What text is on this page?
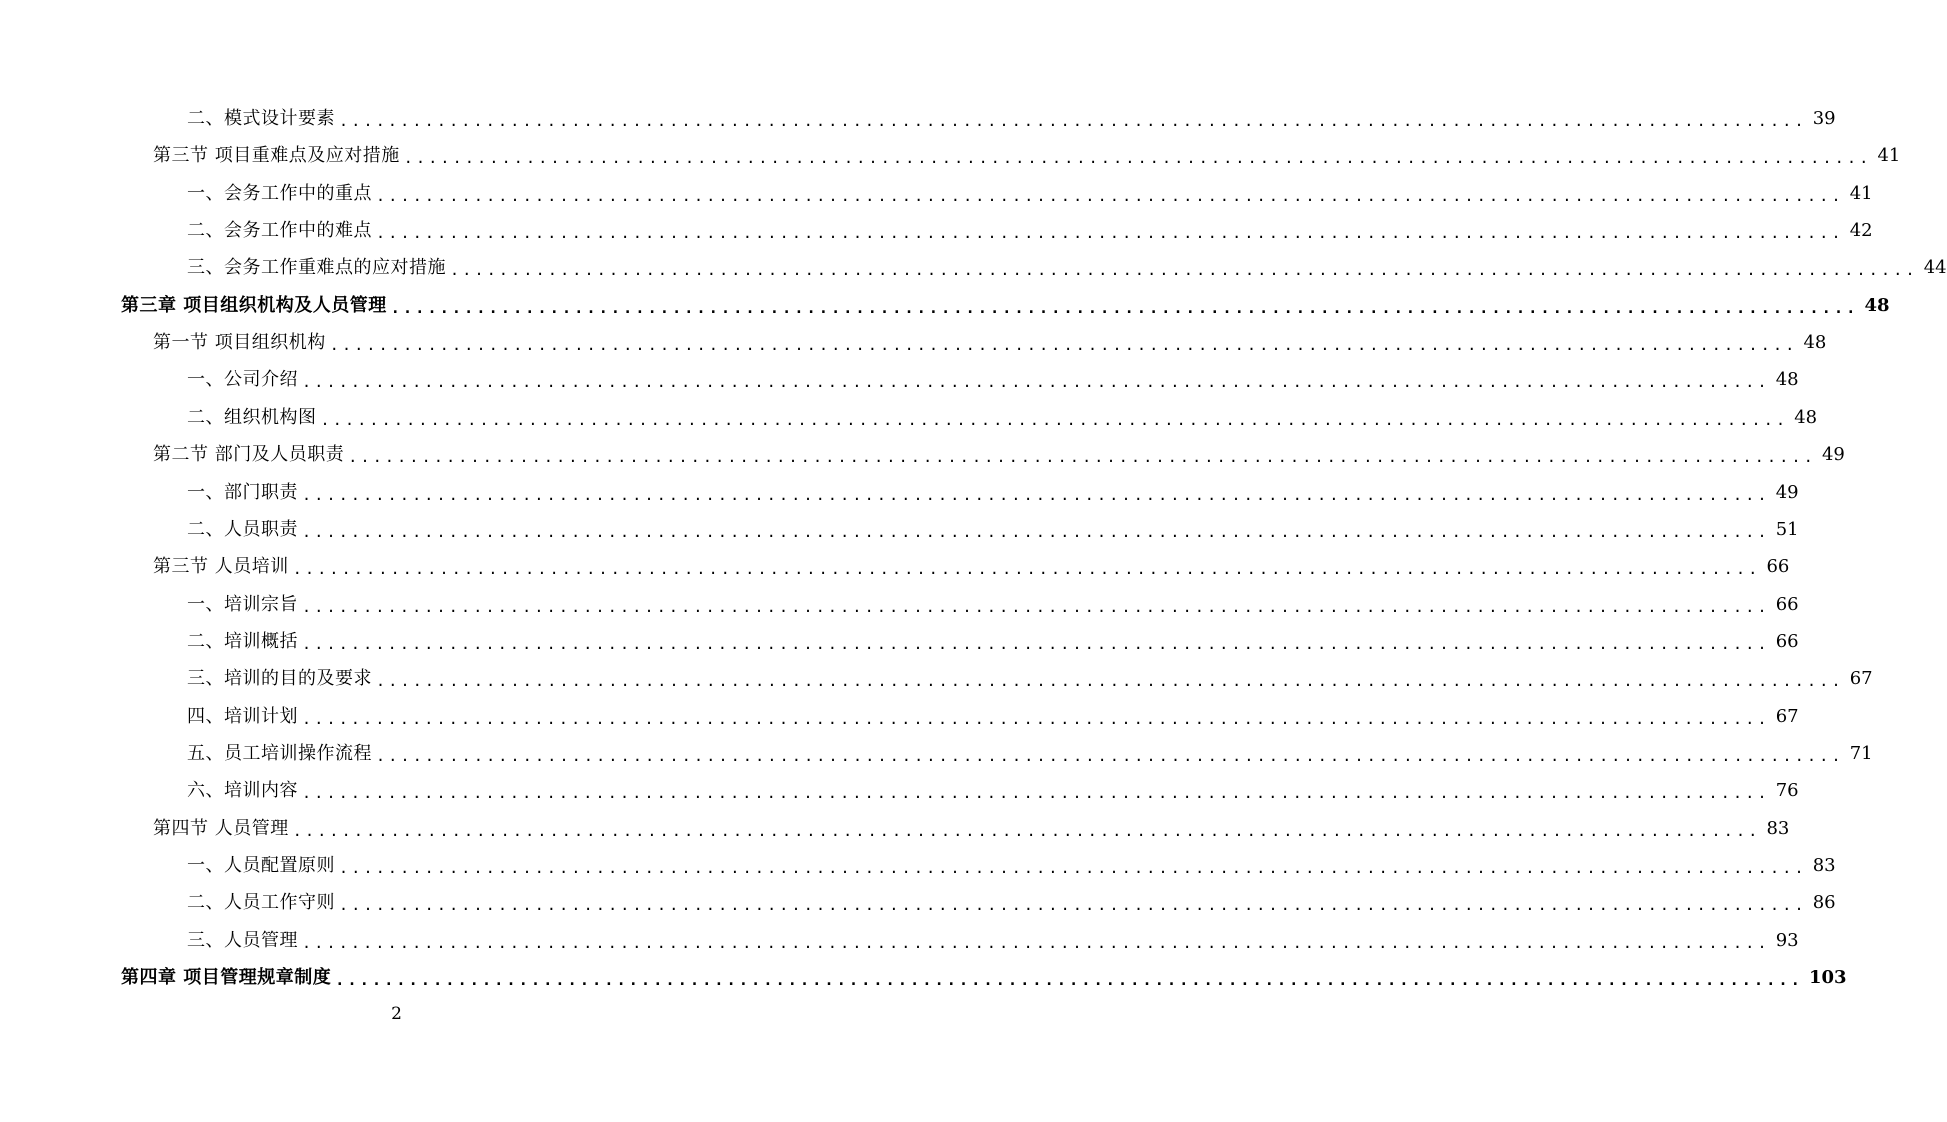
二、模式设计要素 ........................................................................................................................ 39
第三节 项目重难点及应对措施 ........................................................................................................................ 41
一、会务工作中的重点 ........................................................................................................................ 41
二、会务工作中的难点 ........................................................................................................................ 42
三、会务工作重难点的应对措施 ........................................................................................................................ 44
第三章 项目组织机构及人员管理 ........................................................................................................................ 48
第一节 项目组织机构 ........................................................................................................................ 48
一、公司介绍 ........................................................................................................................ 48
二、组织机构图 ........................................................................................................................ 48
第二节 部门及人员职责 ........................................................................................................................ 49
一、部门职责 ........................................................................................................................ 49
二、人员职责 ........................................................................................................................ 51
第三节 人员培训 ........................................................................................................................ 66
一、培训宗旨 ........................................................................................................................ 66
二、培训概括 ........................................................................................................................ 66
三、培训的目的及要求 ........................................................................................................................ 67
四、培训计划 ........................................................................................................................ 67
五、员工培训操作流程 ........................................................................................................................ 71
六、培训内容 ........................................................................................................................ 76
第四节 人员管理 ........................................................................................................................ 83
一、人员配置原则 ........................................................................................................................ 83
二、人员工作守则 ........................................................................................................................ 86
三、人员管理 ........................................................................................................................ 93
第四章 项目管理规章制度 ........................................................................................................................ 103
2
